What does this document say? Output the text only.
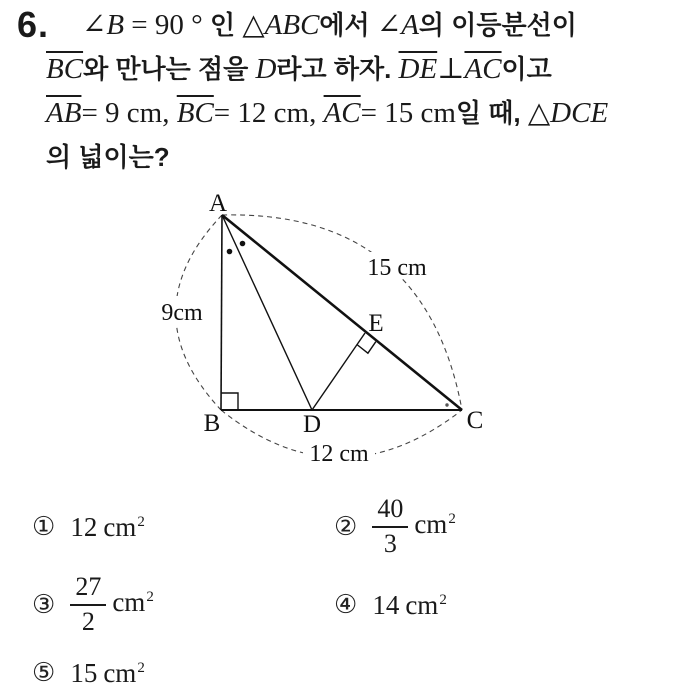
6.	∠B = 90 ° 인 △ABC에서 ∠A의 이등분선이
$\overline{BC}$와 만나는 점을 D라고 하자. $\overline{DE}\perp\overline{AC}$이고
$\overline{AB}= 9$ cm, $\overline{BC}= 12$ cm, $\overline{AC}= 15$ cm일 때, △DCE
의 넓이는?
A
B	C
D
E
9cm
15 cm
12 cm
① 12 $cm^2$	② $\frac{40}{3} cm^2$
③ $\frac{27}{2} cm^2$	④ 14 $cm^2$
⑤ 15 $cm^2$
